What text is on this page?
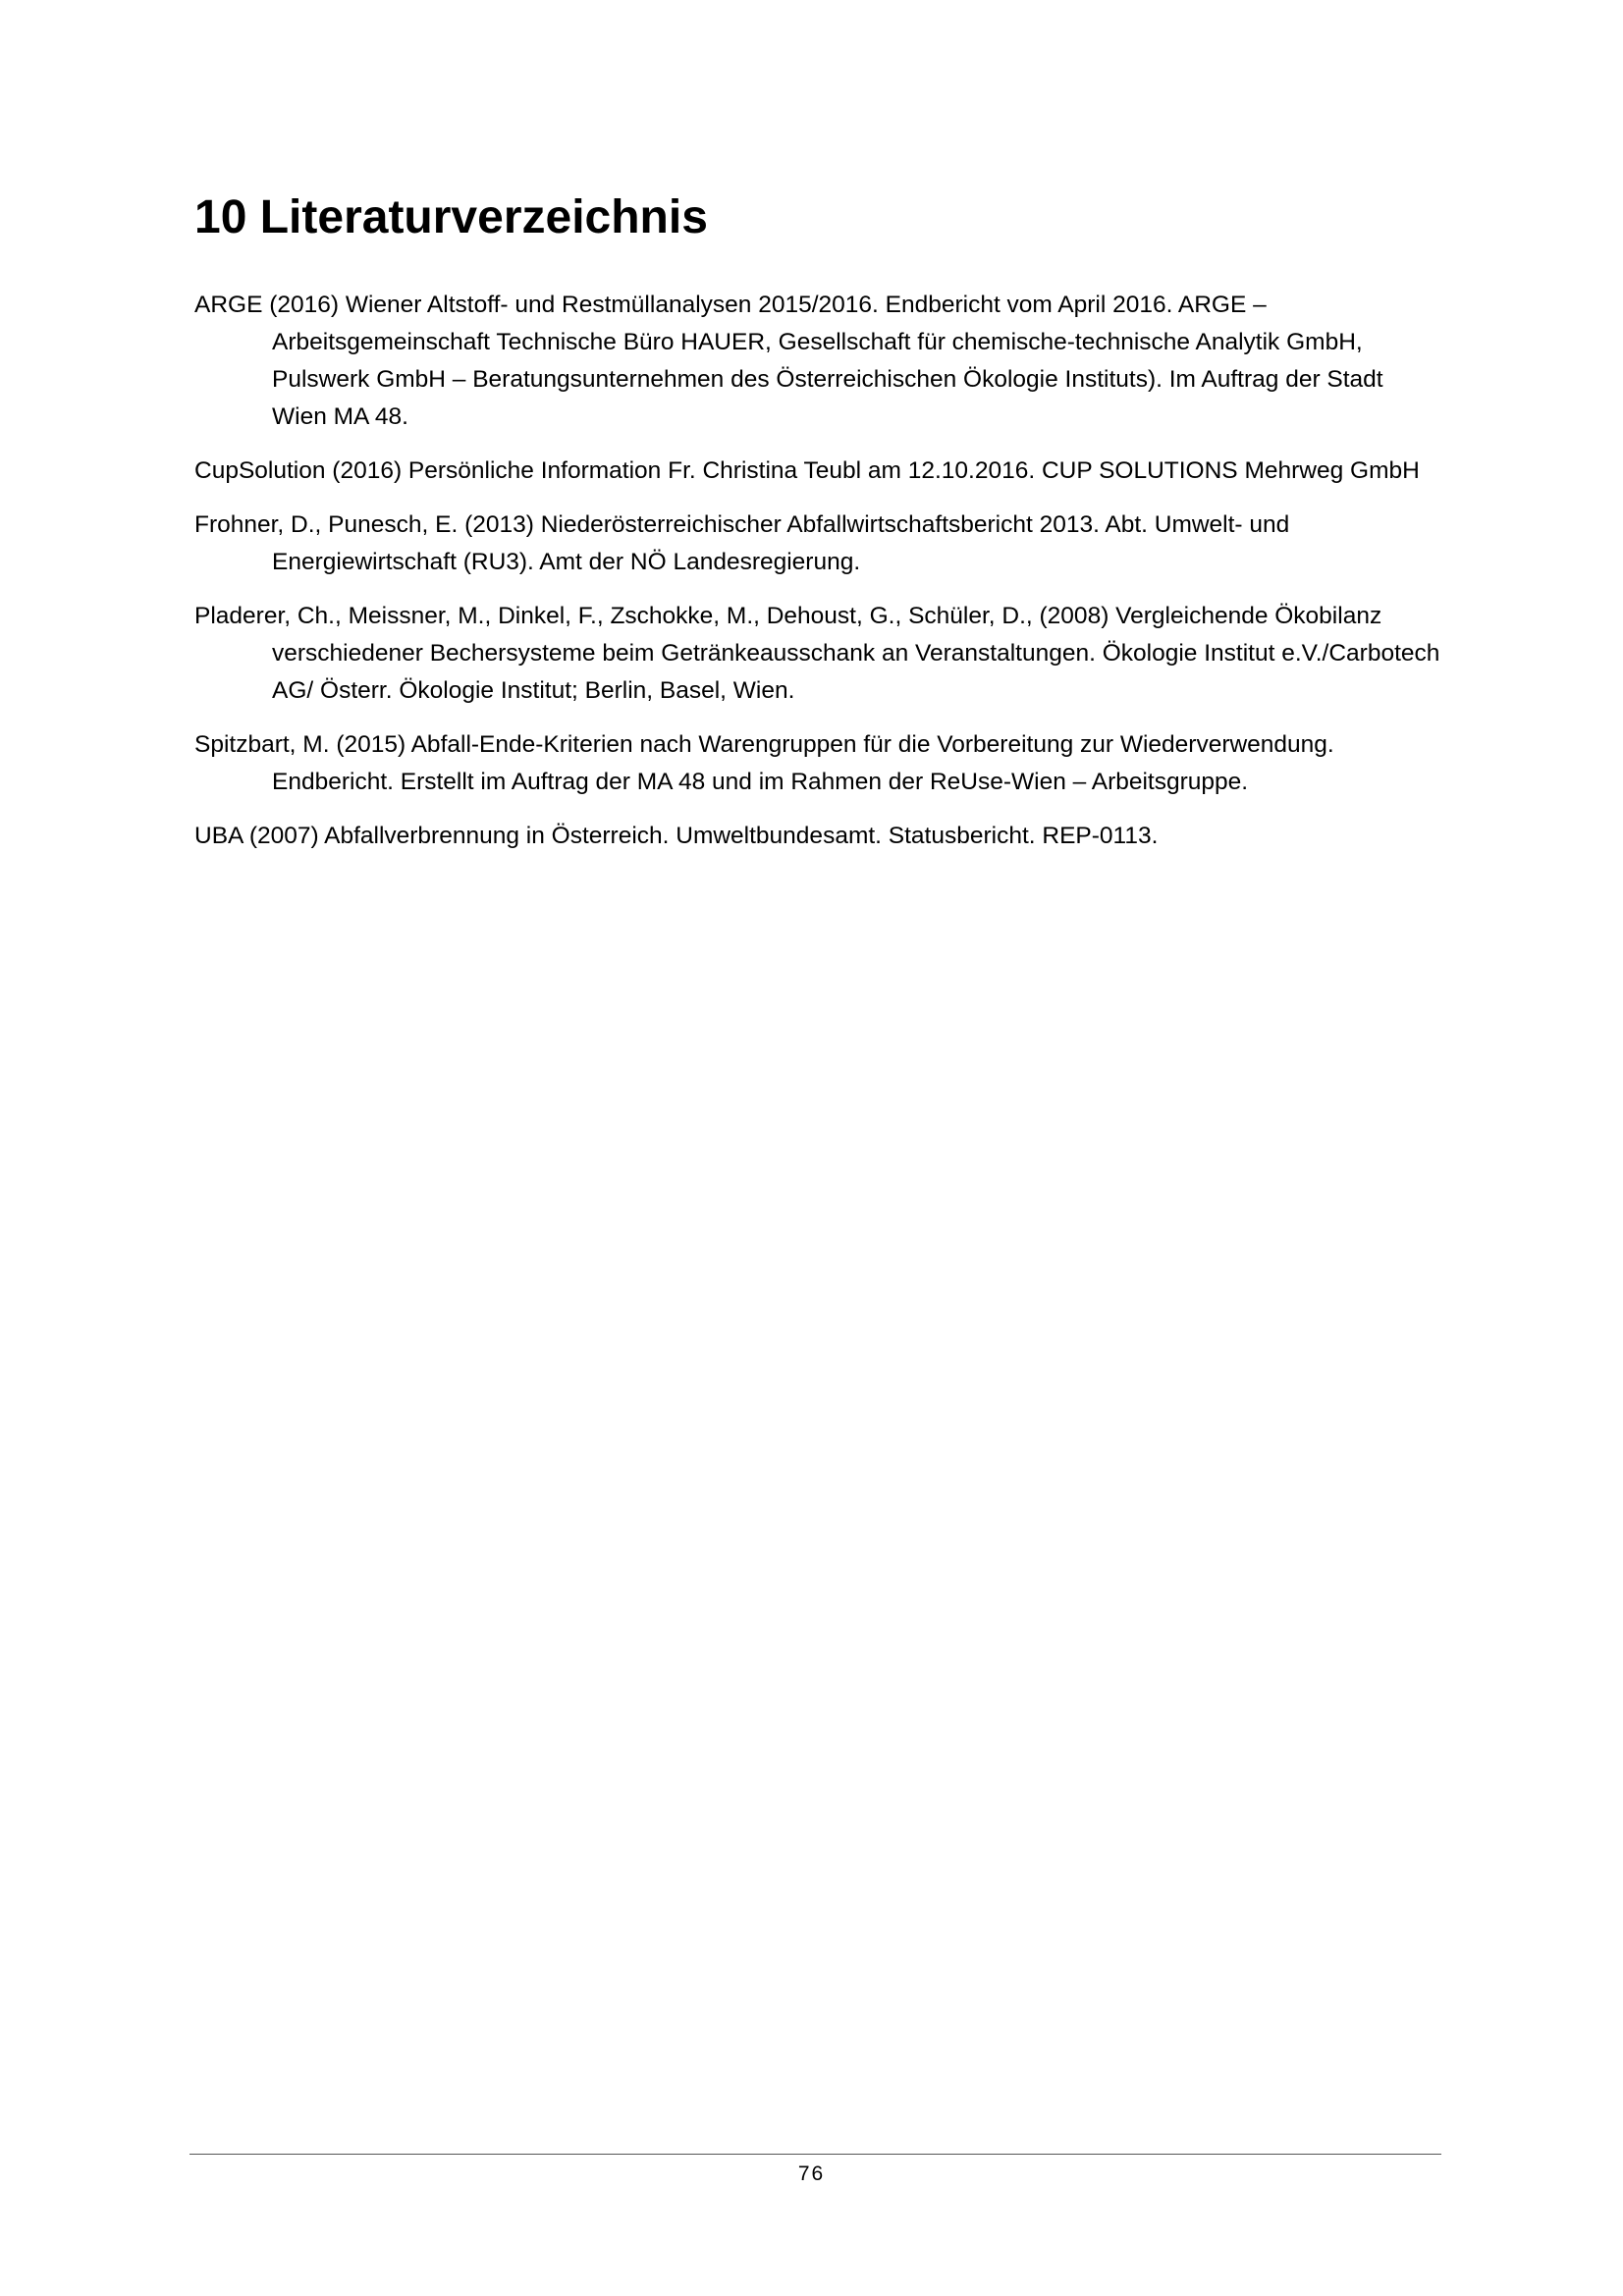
10 Literaturverzeichnis
ARGE (2016) Wiener Altstoff- und Restmüllanalysen 2015/2016. Endbericht vom April 2016. ARGE – Arbeitsgemeinschaft Technische Büro HAUER, Gesellschaft für chemische-technische Analytik GmbH, Pulswerk GmbH – Beratungsunternehmen des Österreichischen Ökologie Instituts). Im Auftrag der Stadt Wien MA 48.
CupSolution (2016) Persönliche Information Fr. Christina Teubl am 12.10.2016. CUP SOLUTIONS Mehrweg GmbH
Frohner, D., Punesch, E. (2013) Niederösterreichischer Abfallwirtschaftsbericht 2013. Abt. Umwelt- und Energiewirtschaft (RU3). Amt der NÖ Landesregierung.
Pladerer, Ch., Meissner, M., Dinkel, F., Zschokke, M., Dehoust, G., Schüler, D., (2008) Vergleichende Ökobilanz verschiedener Bechersysteme beim Getränkeausschank an Veranstaltungen. Ökologie Institut e.V./Carbotech AG/ Österr. Ökologie Institut; Berlin, Basel, Wien.
Spitzbart, M. (2015) Abfall-Ende-Kriterien nach Warengruppen für die Vorbereitung zur Wiederverwendung. Endbericht. Erstellt im Auftrag der MA 48 und im Rahmen der ReUse-Wien – Arbeitsgruppe.
UBA (2007) Abfallverbrennung in Österreich. Umweltbundesamt. Statusbericht. REP-0113.
76
